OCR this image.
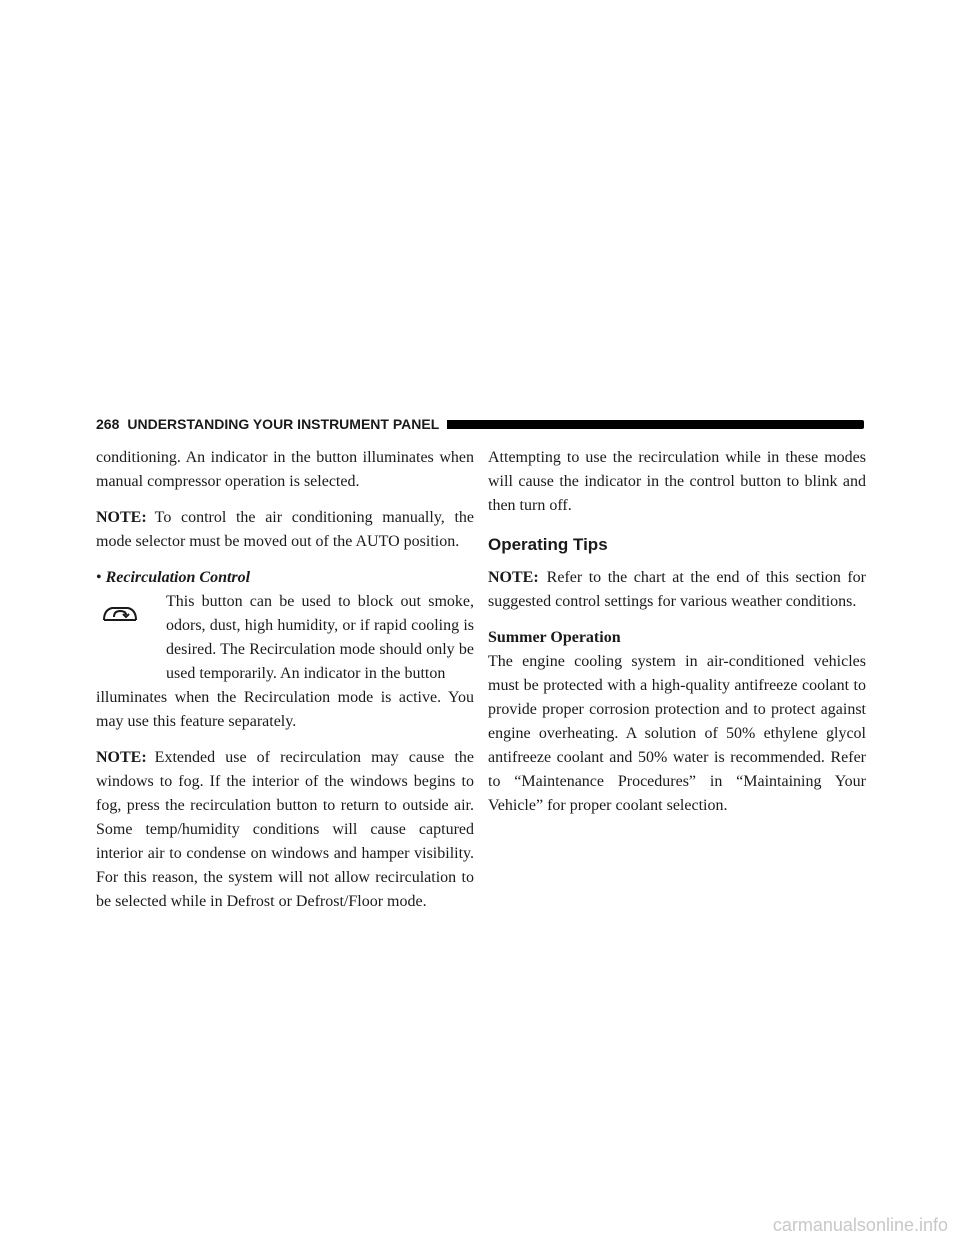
268 UNDERSTANDING YOUR INSTRUMENT PANEL

conditioning. An indicator in the button illuminates when manual compressor operation is selected.

NOTE: To control the air conditioning manually, the mode selector must be moved out of the AUTO position.

• Recirculation Control
This button can be used to block out smoke, odors, dust, high humidity, or if rapid cooling is desired. The Recirculation mode should only be used temporarily. An indicator in the button
illuminates when the Recirculation mode is active. You may use this feature separately.

NOTE: Extended use of recirculation may cause the windows to fog. If the interior of the windows begins to fog, press the recirculation button to return to outside air. Some temp/humidity conditions will cause captured interior air to condense on windows and hamper visibility. For this reason, the system will not allow recirculation to be selected while in Defrost or Defrost/Floor mode.

Attempting to use the recirculation while in these modes will cause the indicator in the control button to blink and then turn off.

Operating Tips

NOTE: Refer to the chart at the end of this section for suggested control settings for various weather conditions.

Summer Operation

The engine cooling system in air-conditioned vehicles must be protected with a high-quality antifreeze coolant to provide proper corrosion protection and to protect against engine overheating. A solution of 50% ethylene glycol antifreeze coolant and 50% water is recommended. Refer to “Maintenance Procedures” in “Maintaining Your Vehicle” for proper coolant selection.

carmanualsonline.info
